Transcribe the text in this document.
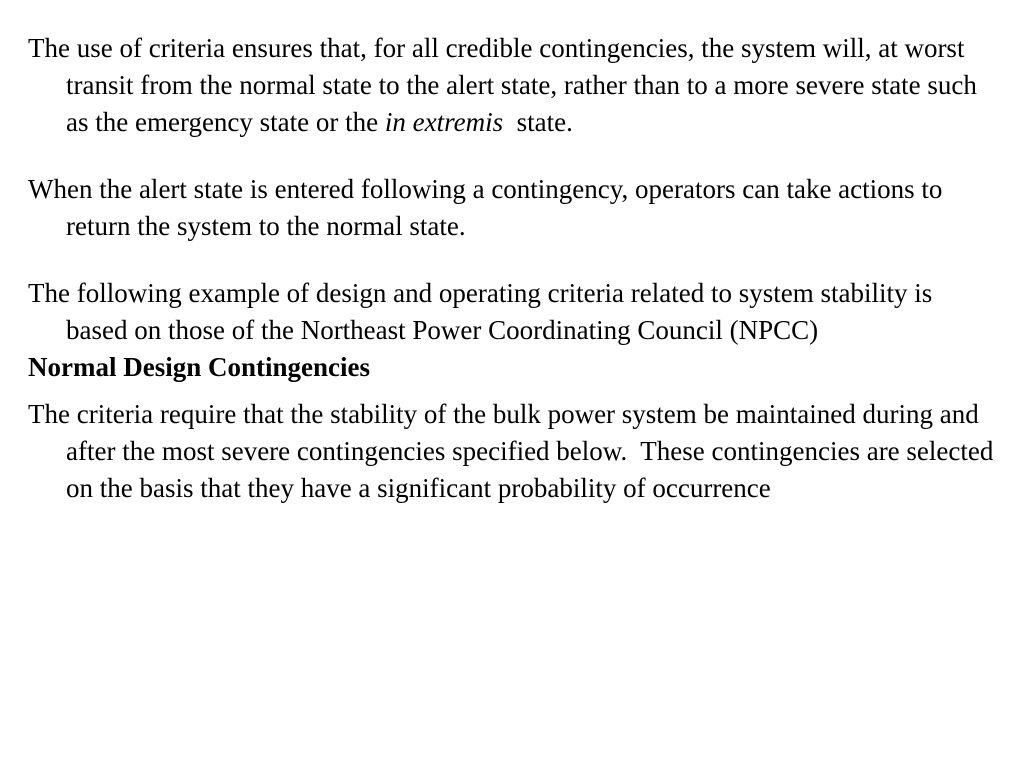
The use of criteria ensures that, for all credible contingencies, the system will, at worst transit from the normal state to the alert state, rather than to a more severe state such as the emergency state or the in extremis  state.

When the alert state is entered following a contingency, operators can take actions to return the system to the normal state.

The following example of design and operating criteria related to system stability is based on those of the Northeast Power Coordinating Council (NPCC)

Normal Design Contingencies

The criteria require that the stability of the bulk power system be maintained during and after the most severe contingencies specified below.  These contingencies are selected on the basis that they have a significant probability of occurrence
